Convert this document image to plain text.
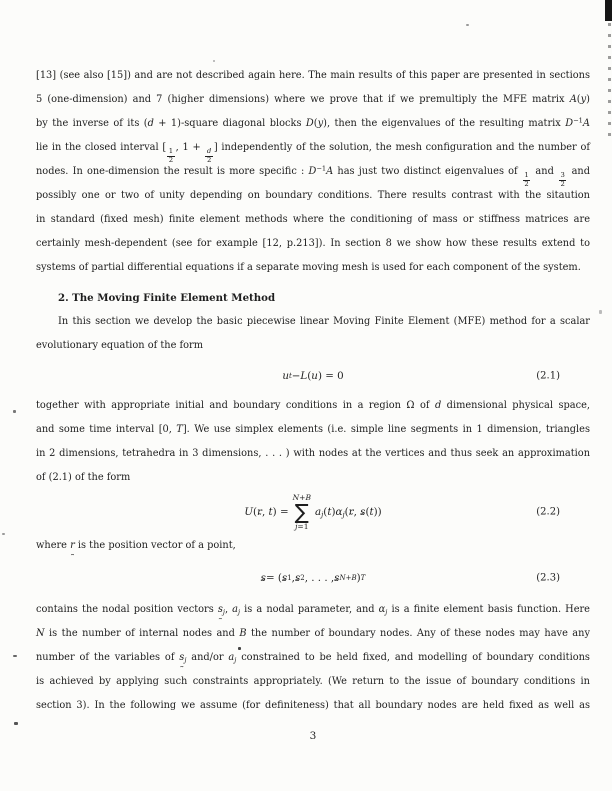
[13] (see also [15]) and are not described again here. The main results of this paper are presented in sections
5 (one-dimension) and 7 (higher dimensions) where we prove that if we premultiply the MFE matrix A(y)
by the inverse of its (d + 1)-square diagonal blocks D(y), then the eigenvalues of the resulting matrix $D^{-1}A$
lie in the closed interval [
$\frac{1}{2}$
, 1 +
$\frac{d}{2}$
] independently of the solution, the mesh configuration and the number of
nodes. In one-dimension the result is more specific : $D^{-1}A$ has just two distinct eigenvalues of
$\frac{1}{2}$
and
$\frac{3}{2}$
and
possibly one or two of unity depending on boundary conditions. There results contrast with the sitaution
in standard (fixed mesh) finite element methods where the conditioning of mass or stiffness matrices are
certainly mesh-dependent (see for example [12, p.213]). In section 8 we show how these results extend to
systems of partial differential equations if a separate moving mesh is used for each component of the system.
2. The Moving Finite Element Method
In this section we develop the basic piecewise linear Moving Finite Element (MFE) method for a scalar
evolutionary equation of the form
u t − L ( u ) = 0	(2.1)
together with appropriate initial and boundary conditions in a region Ω of d dimensional physical space,
and some time interval [0, T]. We use simplex elements (i.e. simple line segments in 1 dimension, triangles
in 2 dimensions, tetrahedra in 3 dimensions, . . . ) with nodes at the vertices and thus seek an approximation
of (2.1) of the form
U(r ˜, t) =
N+B
∑
j=1
$a_j(t)\alpha_j(r$ ˜, s ˜(t))	(2.2)
where r ˜ is the position vector of a point,
s ˜ = ( s ˜ 1 , s ˜ 2 , . . . , s ˜ N+B ) T	(2.3)
contains the nodal position vectors s $˜_j$, $a_j$ is a nodal parameter, and $\alpha_j$ is a finite element basis function. Here
N is the number of internal nodes and B the number of boundary nodes. Any of these nodes may have any
number of the variables of s $˜_j$ and/or $a_j$ constrained to be held fixed, and modelling of boundary conditions
is achieved by applying such constraints appropriately. (We return to the issue of boundary conditions in
section 3). In the following we assume (for definiteness) that all boundary nodes are held fixed as well as
3
